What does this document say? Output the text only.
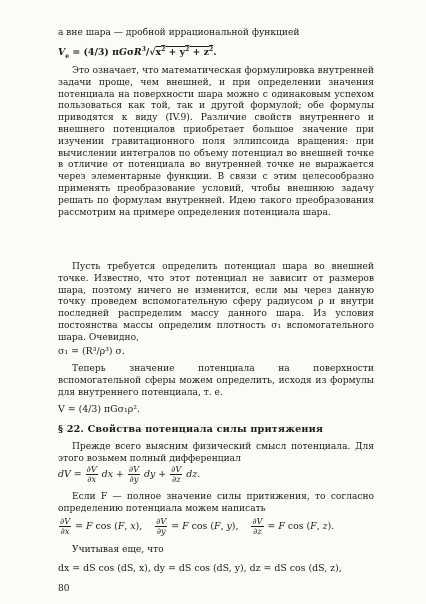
а вне шара — дробной иррациональной функцией
$V_e = (4/3) \pi G\sigma R^3/√x^2 + y^2 + z^2$.
Это означает, что математическая формулировка внутренней задачи проще, чем внешней, и при определении значения потенциала на поверхности шара можно с одинаковым успехом пользоваться как той, так и другой формулой; обе формулы приводятся к виду (IV.9). Различие свойств внутреннего и внешнего потенциалов приобретает большое значение при изучении гравитационного поля эллипсоида вращения: при вычислении интегралов по объему потенциал во внешней точке в отличие от потенциала во внутренней точке не выражается через элементарные функции. В связи с этим целесообразно применять преобразование условий, чтобы внешнюю задачу решать по формулам внутренней. Идею такого преобразования рассмотрим на примере определения потенциала шара.
Пусть требуется определить потенциал шара во внешней точке. Известно, что этот потенциал не зависит от размеров шара, поэтому ничего не изменится, если мы через данную точку проведем вспомогательную сферу радиусом ρ и внутри последней распределим массу данного шара. Из условия постоянства массы определим плотность σ₁ вспомогательного шара. Очевидно,
σ₁ = (R³/ρ³) σ.
Теперь значение потенциала на поверхности вспомогательной сферы можем определить, исходя из формулы для внутреннего потенциала, т. е.
V = (4/3) πGσ₁ρ².
§ 22. Свойства потенциала силы притяжения
Прежде всего выясним физический смысл потенциала. Для этого возьмем полный дифференциал
dV = $\frac{\partial V}{\partial x}$ dx + $\frac{\partial V}{\partial y}$ dy + $\frac{\partial V}{\partial z}$ dz.
Если F — полное значение силы притяжения, то согласно определению потенциала можем написать
$\frac{\partial V}{\partial x} = F$ cos (F, x), $\frac{\partial V}{\partial y} = F$ cos (F, y), $\frac{\partial V}{\partial z} = F$ cos (F, z).
Учитывая еще, что
dx = dS cos (dS, x), dy = dS cos (dS, y), dz = dS cos (dS, z),
80
